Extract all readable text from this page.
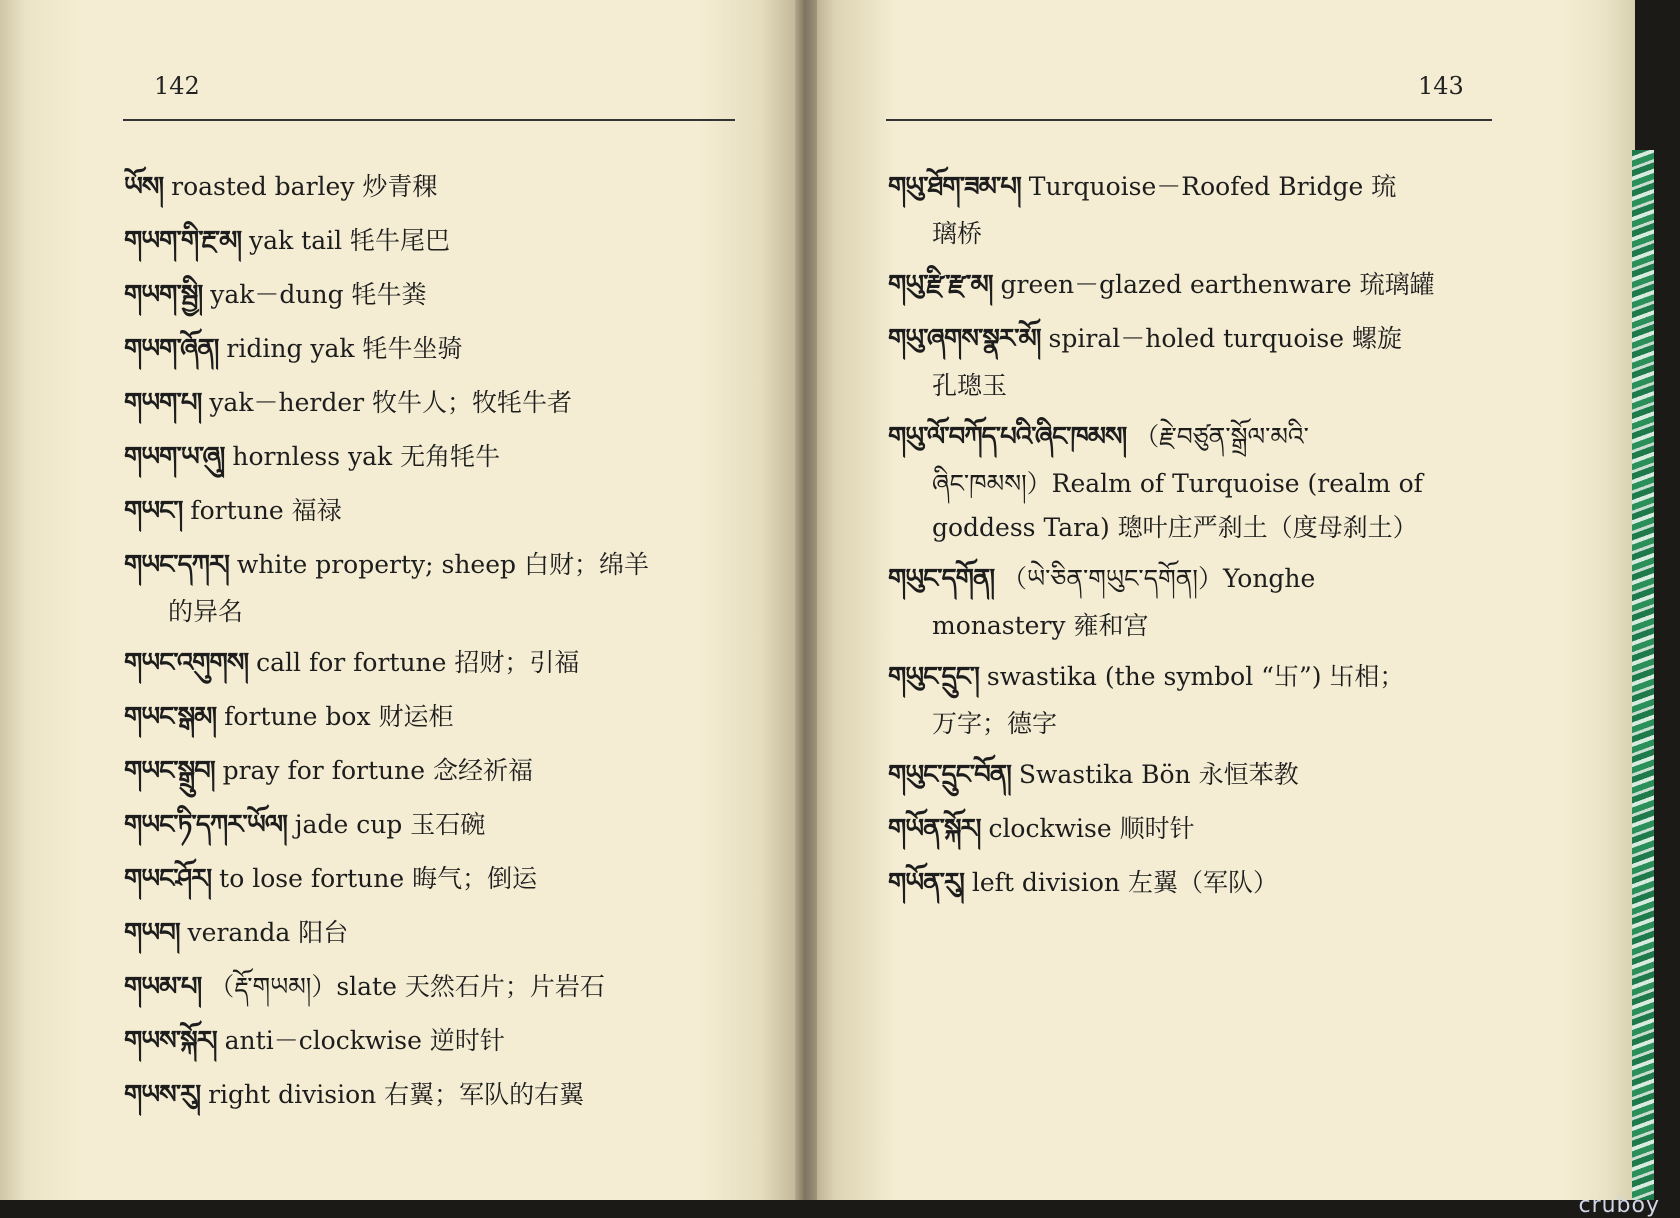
142	143
ཡོས། roasted barley 炒青稞
གཡག་གི་རྔ་མ། yak tail 牦牛尾巴
གཡག་སྦྱི། yak－dung 牦牛粪
གཡག་ཞོན། riding yak 牦牛坐骑
གཡག་པ། yak－herder 牧牛人；牧牦牛者
གཡག་ཡ་ཞུ། hornless yak 无角牦牛
གཡང་། fortune 福禄
གཡང་དཀར། white property; sheep 白财；绵羊
的异名
གཡང་འགུགས། call for fortune 招财；引福
གཡང་སྒམ། fortune box 财运柜
གཡང་སྒྲུབ། pray for fortune 念经祈福
གཡང་ཏི་དཀར་ཡོལ། jade cup 玉石碗
གཡང་ཤོར། to lose fortune 晦气；倒运
གཡབ། veranda 阳台
གཡམ་པ། （རྡོ་གཡམ།）slate 天然石片；片岩石
གཡས་སྐོར། anti－clockwise 逆时针
གཡས་རུ། right division 右翼；军队的右翼
གཡུ་ཐོག་ཟམ་པ། Turquoise－Roofed Bridge 琉
璃桥
གཡུ་རྫི་རྫ་མ། green－glazed earthenware 琉璃罐
གཡུ་ཞགས་སྣར་མོ། spiral－holed turquoise 螺旋
孔璁玉
གཡུ་ལོ་བཀོད་པའི་ཞིང་ཁམས། （རྗེ་བཙུན་སྒྲོལ་མའི་
ཞིང་ཁམས།）Realm of Turquoise (realm of
goddess Tara) 璁叶庄严刹土（度母刹土）
གཡུང་དགོན། （ཡེ་ཅིན་གཡུང་དགོན།）Yonghe
monastery 雍和宫
གཡུང་དྲུང་། swastika (the symbol “卐”) 卐相；
万字；德字
གཡུང་དྲུང་བོན། Swastika Bön 永恒苯教
གཡོན་སྐོར། clockwise 顺时针
གཡོན་རུ། left division 左翼（军队）
cruboy
